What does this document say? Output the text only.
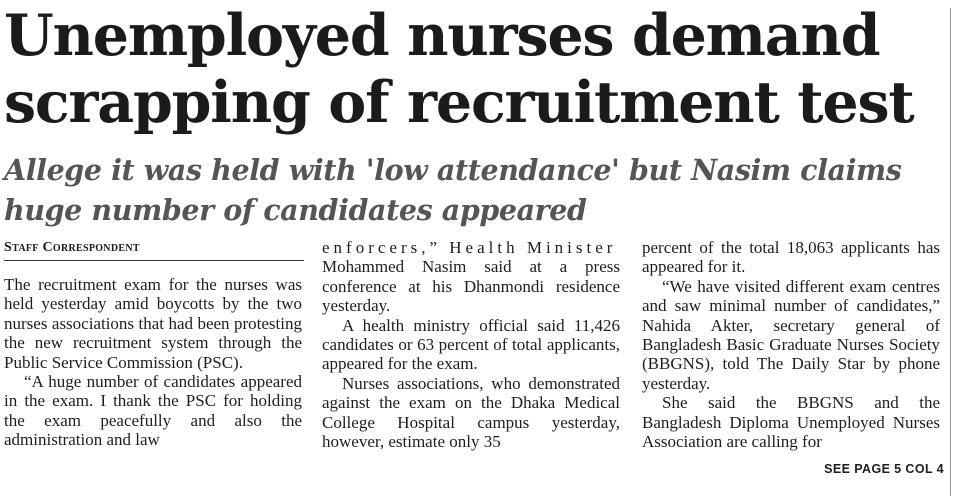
Unemployed nurses demand
scrapping of recruitment test
Allege it was held with 'low attendance' but Nasim claims
huge number of candidates appeared
Staff Correspondent

The recruitment exam for the nurses was held yesterday amid boycotts by the two nurses associations that had been protesting the new recruitment system through the Public Service Commission (PSC).

“A huge number of candidates appeared in the exam. I thank the PSC for holding the exam peacefully and also the administration and law

enforcers,” Health Minister

Mohammed Nasim said at a press conference at his Dhanmondi residence yesterday.

A health ministry official said 11,426 candidates or 63 percent of total applicants, appeared for the exam.

Nurses associations, who demonstrated against the exam on the Dhaka Medical College Hospital campus yesterday, however, estimate only 35

percent of the total 18,063 applicants has appeared for it.

“We have visited different exam centres and saw minimal number of candidates,” Nahida Akter, secretary general of Bangladesh Basic Graduate Nurses Society (BBGNS), told The Daily Star by phone yesterday.

She said the BBGNS and the Bangladesh Diploma Unemployed Nurses Association are calling for

SEE PAGE 5 COL 4
